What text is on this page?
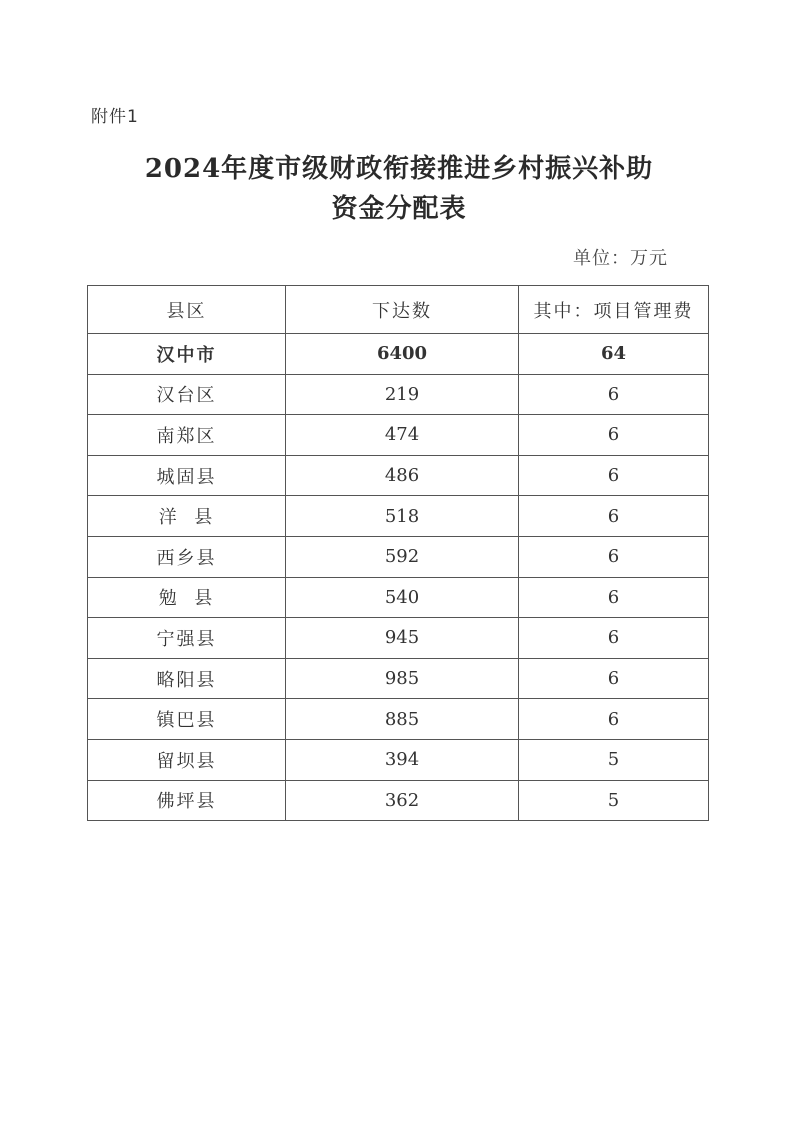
附件1
2024年度市级财政衔接推进乡村振兴补助
资金分配表
单位：万元
县区	下达数	其中：项目管理费
汉中市	6400	64
汉台区	219	6
南郑区	474	6
城固县	486	6
洋  县	518	6
西乡县	592	6
勉  县	540	6
宁强县	945	6
略阳县	985	6
镇巴县	885	6
留坝县	394	5
佛坪县	362	5
